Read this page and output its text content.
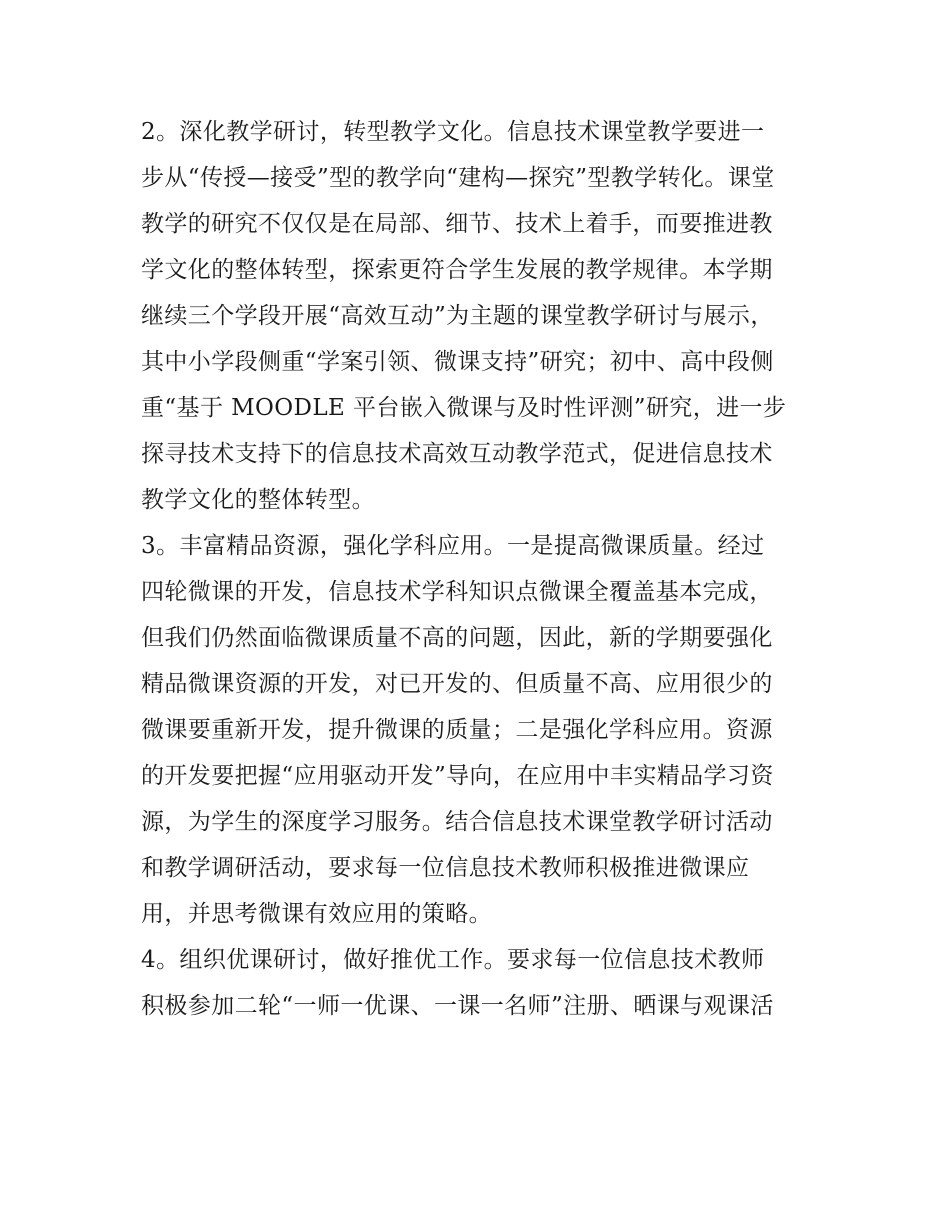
2。深化教学研讨，转型教学文化。信息技术课堂教学要进一
步从“传授—接受”型的教学向“建构—探究”型教学转化。课堂
教学的研究不仅仅是在局部、细节、技术上着手，而要推进教
学文化的整体转型，探索更符合学生发展的教学规律。本学期
继续三个学段开展“高效互动”为主题的课堂教学研讨与展示，
其中小学段侧重“学案引领、微课支持”研究；初中、高中段侧
重“基于 MOODLE 平台嵌入微课与及时性评测”研究，进一步
探寻技术支持下的信息技术高效互动教学范式，促进信息技术
教学文化的整体转型。
3。丰富精品资源，强化学科应用。一是提高微课质量。经过
四轮微课的开发，信息技术学科知识点微课全覆盖基本完成，
但我们仍然面临微课质量不高的问题，因此，新的学期要强化
精品微课资源的开发，对已开发的、但质量不高、应用很少的
微课要重新开发，提升微课的质量；二是强化学科应用。资源
的开发要把握“应用驱动开发”导向，在应用中丰实精品学习资
源，为学生的深度学习服务。结合信息技术课堂教学研讨活动
和教学调研活动，要求每一位信息技术教师积极推进微课应
用，并思考微课有效应用的策略。
4。组织优课研讨，做好推优工作。要求每一位信息技术教师
积极参加二轮“一师一优课、一课一名师”注册、晒课与观课活
